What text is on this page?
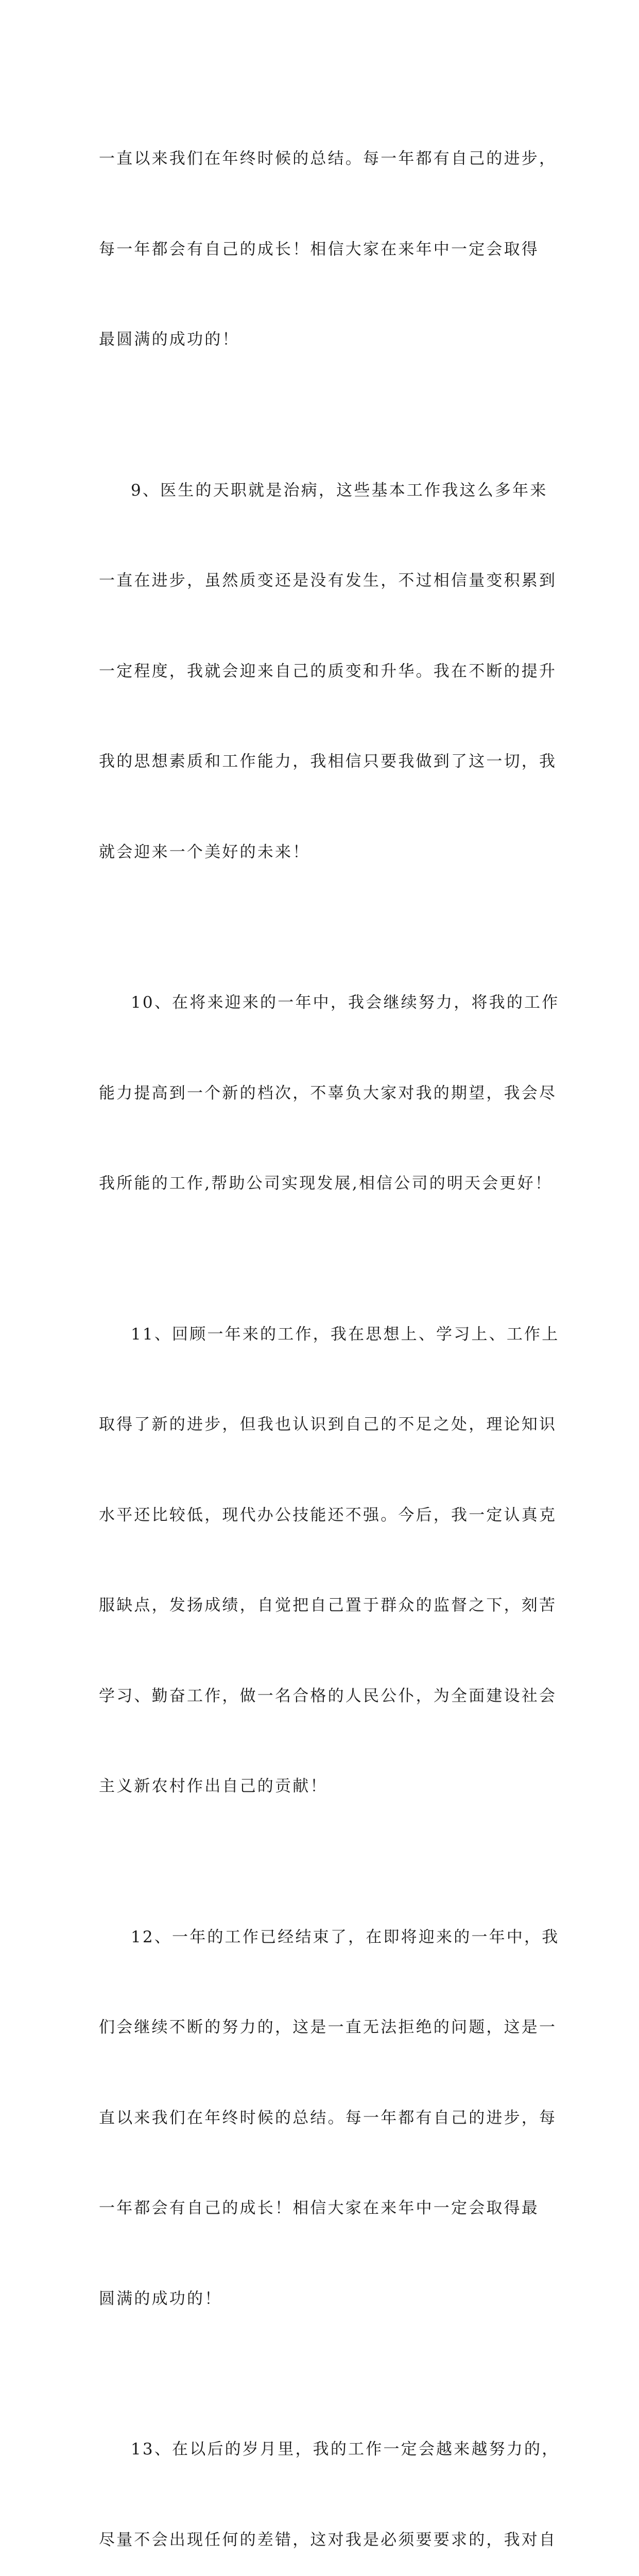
一直以来我们在年终时候的总结。每一年都有自己的进步，

每一年都会有自己的成长！相信大家在来年中一定会取得

最圆满的成功的！

9、医生的天职就是治病，这些基本工作我这么多年来

一直在进步，虽然质变还是没有发生，不过相信量变积累到

一定程度，我就会迎来自己的质变和升华。我在不断的提升

我的思想素质和工作能力，我相信只要我做到了这一切，我

就会迎来一个美好的未来！

10、在将来迎来的一年中，我会继续努力，将我的工作

能力提高到一个新的档次，不辜负大家对我的期望，我会尽

我所能的工作,帮助公司实现发展,相信公司的明天会更好！

11、回顾一年来的工作，我在思想上、学习上、工作上

取得了新的进步，但我也认识到自己的不足之处，理论知识

水平还比较低，现代办公技能还不强。今后，我一定认真克

服缺点，发扬成绩，自觉把自己置于群众的监督之下，刻苦

学习、勤奋工作，做一名合格的人民公仆，为全面建设社会

主义新农村作出自己的贡献！

12、一年的工作已经结束了，在即将迎来的一年中，我

们会继续不断的努力的，这是一直无法拒绝的问题，这是一

直以来我们在年终时候的总结。每一年都有自己的进步，每

一年都会有自己的成长！相信大家在来年中一定会取得最

圆满的成功的！

13、在以后的岁月里，我的工作一定会越来越努力的，

尽量不会出现任何的差错，这对我是必须要要求的，我对自
